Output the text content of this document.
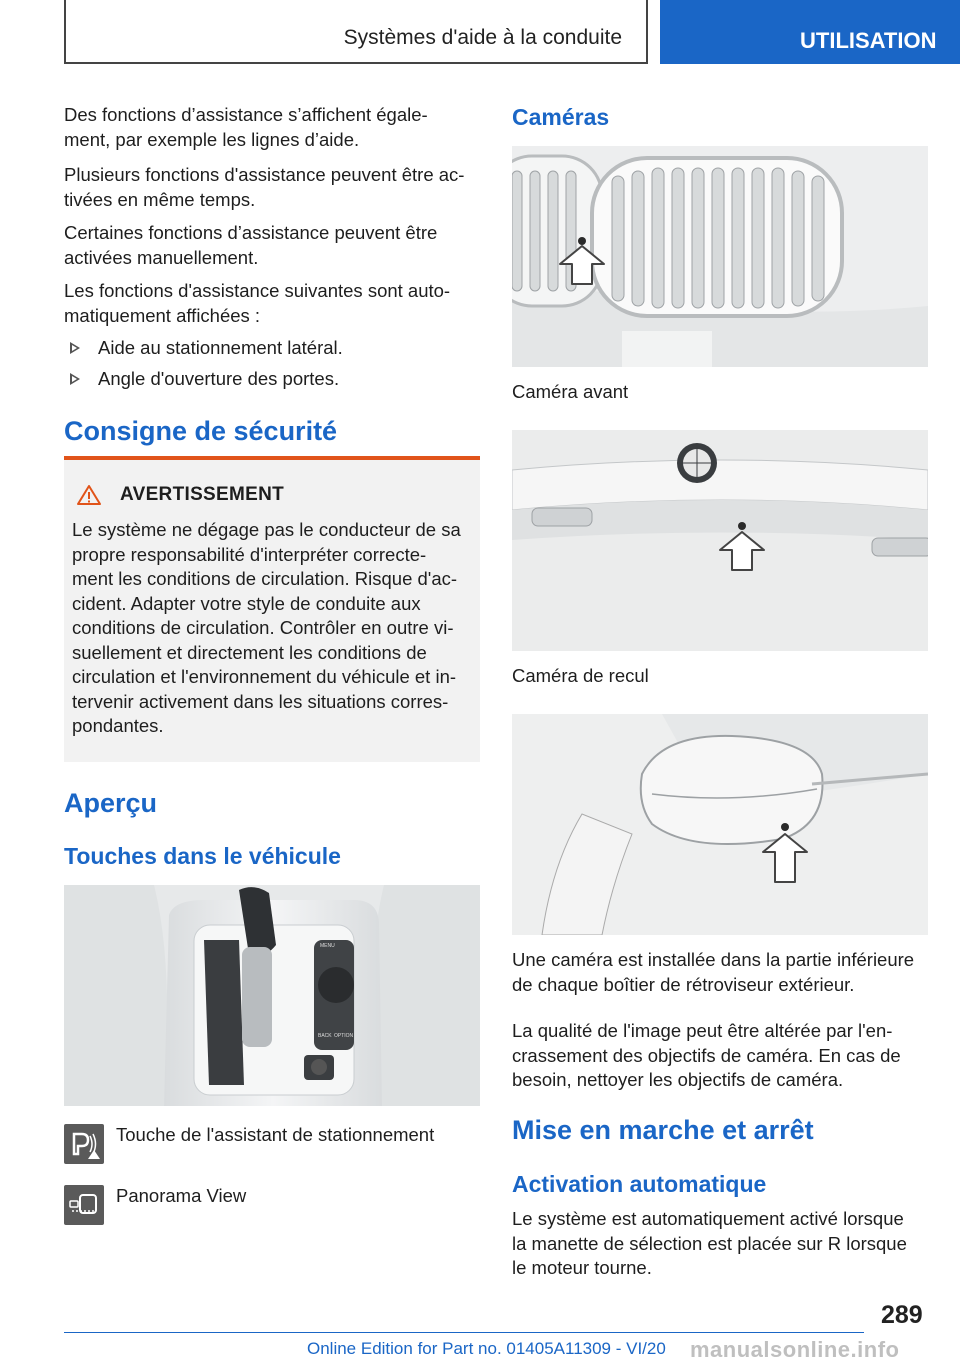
Systèmes d'aide à la conduite	UTILISATION

Des fonctions d’assistance s’affichent égale-

ment, par exemple les lignes d’aide.

Plusieurs fonctions d'assistance peuvent être ac-

tivées en même temps.

Certaines fonctions d’assistance peuvent être

activées manuellement.

Les fonctions d'assistance suivantes sont auto-

matiquement affichées :

Aide au stationnement latéral.
Angle d'ouverture des portes.
Consigne de sécurité
AVERTISSEMENT

Le système ne dégage pas le conducteur de sa

propre responsabilité d'interpréter correcte-

ment les conditions de circulation. Risque d'ac-

cident. Adapter votre style de conduite aux

conditions de circulation. Contrôler en outre vi-

suellement et directement les conditions de

circulation et l'environnement du véhicule et in-

tervenir activement dans les situations corres-

pondantes.

Aperçu
Touches dans le véhicule
MENU
OPTION
BACK
Touche de l'assistant de stationnement
Panorama View
Caméras
Caméra avant
Caméra de recul

Une caméra est installée dans la partie inférieure

de chaque boîtier de rétroviseur extérieur.

La qualité de l'image peut être altérée par l'en-

crassement des objectifs de caméra. En cas de

besoin, nettoyer les objectifs de caméra.

Mise en marche et arrêt
Activation automatique

Le système est automatiquement activé lorsque

la manette de sélection est placée sur R lorsque

le moteur tourne.

289
Online Edition for Part no. 01405A11309 - VI/20 manualsonline.info
